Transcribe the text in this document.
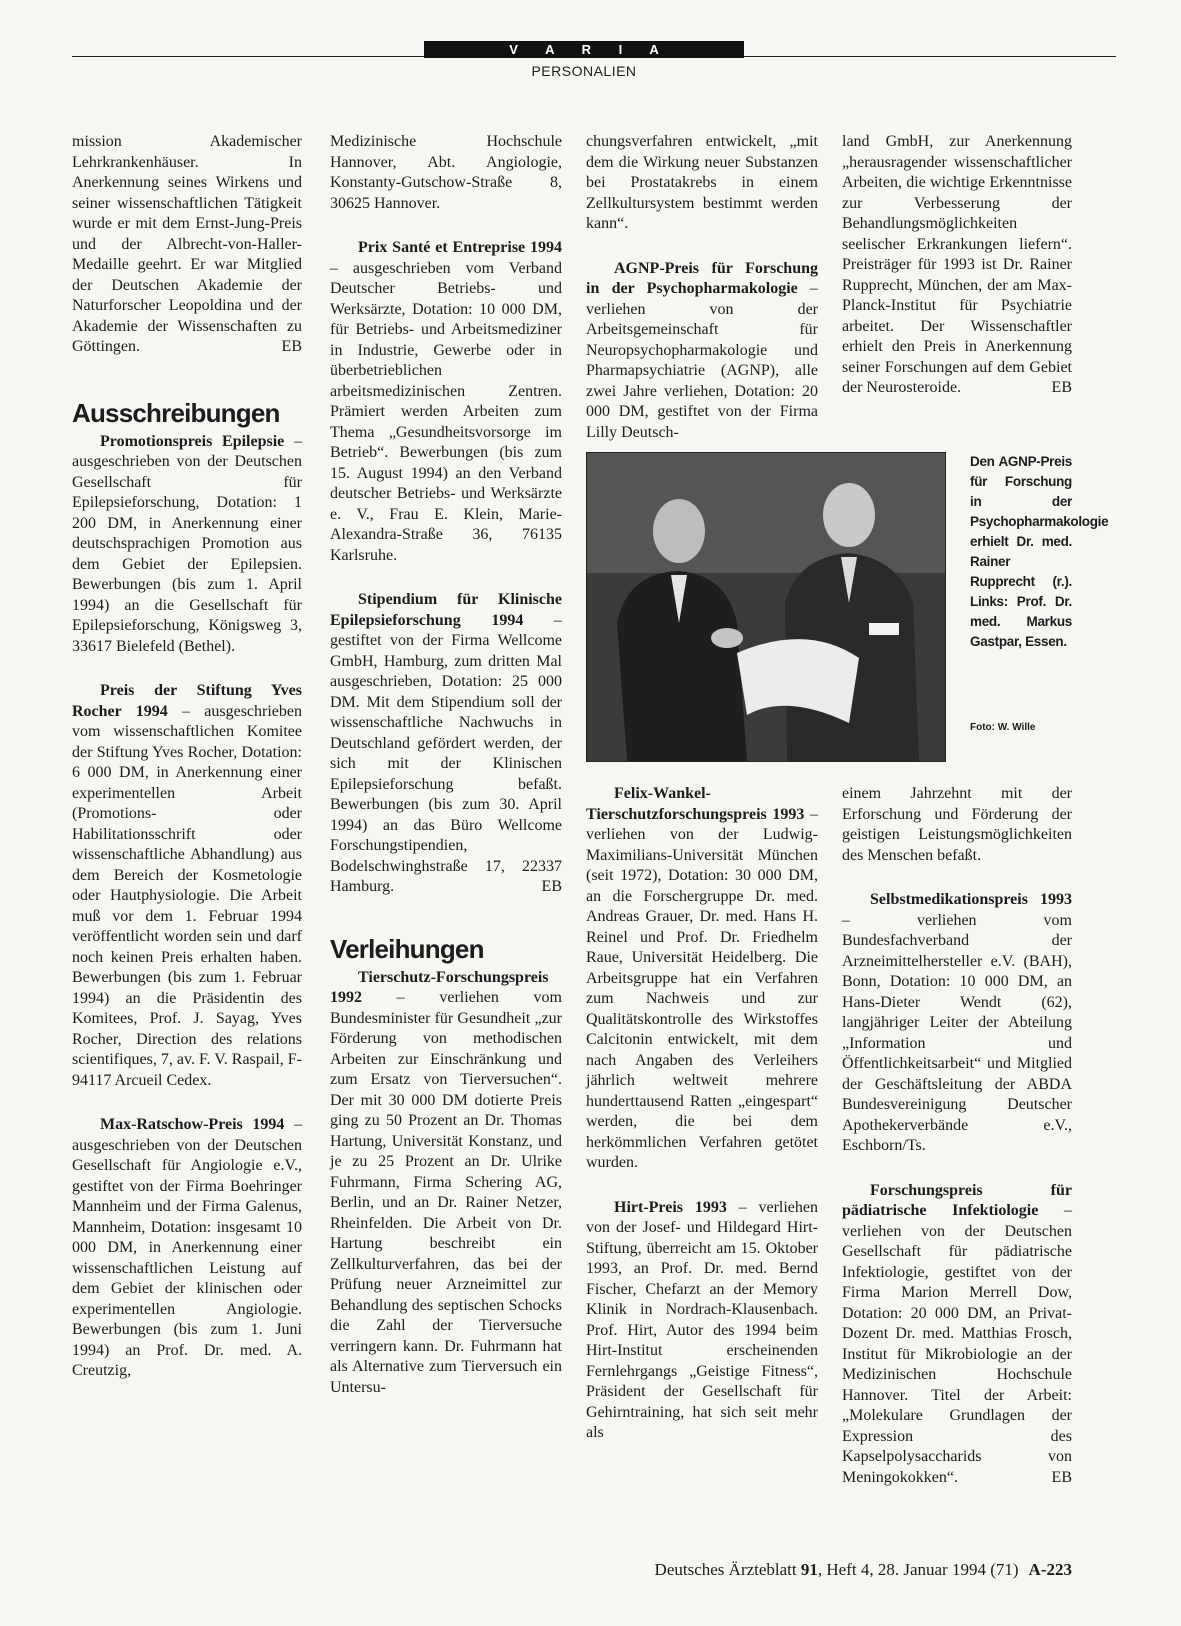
V A R I A
PERSONALIEN

mission Akademischer Lehrkrankenhäuser. In Anerkennung seines Wirkens und seiner wissenschaftlichen Tätigkeit wurde er mit dem Ernst-Jung-Preis und der Albrecht-von-Haller-Medaille geehrt. Er war Mitglied der Deutschen Akademie der Naturforscher Leopoldina und der Akademie der Wissenschaften zu Göttingen.	EB

Ausschreibungen

Promotionspreis Epilepsie – ausgeschrieben von der Deutschen Gesellschaft für Epilepsieforschung, Dotation: 1 200 DM, in Anerkennung einer deutschsprachigen Promotion aus dem Gebiet der Epilepsien. Bewerbungen (bis zum 1. April 1994) an die Gesellschaft für Epilepsieforschung, Königsweg 3, 33617 Bielefeld (Bethel).

Preis der Stiftung Yves Rocher 1994 – ausgeschrieben vom wissenschaftlichen Komitee der Stiftung Yves Rocher, Dotation: 6 000 DM, in Anerkennung einer experimentellen Arbeit (Promotions- oder Habilitationsschrift oder wissenschaftliche Abhandlung) aus dem Bereich der Kosmetologie oder Hautphysiologie. Die Arbeit muß vor dem 1. Februar 1994 veröffentlicht worden sein und darf noch keinen Preis erhalten haben. Bewerbungen (bis zum 1. Februar 1994) an die Präsidentin des Komitees, Prof. J. Sayag, Yves Rocher, Direction des relations scientifiques, 7, av. F. V. Raspail, F-94117 Arcueil Cedex.

Max-Ratschow-Preis 1994 – ausgeschrieben von der Deutschen Gesellschaft für Angiologie e.V., gestiftet von der Firma Boehringer Mannheim und der Firma Galenus, Mannheim, Dotation: insgesamt 10 000 DM, in Anerkennung einer wissenschaftlichen Leistung auf dem Gebiet der klinischen oder experimentellen Angiologie. Bewerbungen (bis zum 1. Juni 1994) an Prof. Dr. med. A. Creutzig,

Medizinische Hochschule Hannover, Abt. Angiologie, Konstanty-Gutschow-Straße 8, 30625 Hannover.

Prix Santé et Entreprise 1994 – ausgeschrieben vom Verband Deutscher Betriebs- und Werksärzte, Dotation: 10 000 DM, für Betriebs- und Arbeitsmediziner in Industrie, Gewerbe oder in überbetrieblichen arbeitsmedizinischen Zentren. Prämiert werden Arbeiten zum Thema „Gesundheitsvorsorge im Betrieb“. Bewerbungen (bis zum 15. August 1994) an den Verband deutscher Betriebs- und Werksärzte e. V., Frau E. Klein, Marie-Alexandra-Straße 36, 76135 Karlsruhe.

Stipendium für Klinische Epilepsieforschung 1994 – gestiftet von der Firma Wellcome GmbH, Hamburg, zum dritten Mal ausgeschrieben, Dotation: 25 000 DM. Mit dem Stipendium soll der wissenschaftliche Nachwuchs in Deutschland gefördert werden, der sich mit der Klinischen Epilepsieforschung befaßt. Bewerbungen (bis zum 30. April 1994) an das Büro Wellcome Forschungstipendien, Bodelschwinghstraße 17, 22337 Hamburg.	EB

Verleihungen

Tierschutz-Forschungspreis 1992 – verliehen vom Bundesminister für Gesundheit „zur Förderung von methodischen Arbeiten zur Einschränkung und zum Ersatz von Tierversuchen“. Der mit 30 000 DM dotierte Preis ging zu 50 Prozent an Dr. Thomas Hartung, Universität Konstanz, und je zu 25 Prozent an Dr. Ulrike Fuhrmann, Firma Schering AG, Berlin, und an Dr. Rainer Netzer, Rheinfelden. Die Arbeit von Dr. Hartung beschreibt ein Zellkulturverfahren, das bei der Prüfung neuer Arzneimittel zur Behandlung des septischen Schocks die Zahl der Tierversuche verringern kann. Dr. Fuhrmann hat als Alternative zum Tierversuch ein Untersu-

chungsverfahren entwickelt, „mit dem die Wirkung neuer Substanzen bei Prostatakrebs in einem Zellkultursystem bestimmt werden kann“.

AGNP-Preis für Forschung in der Psychopharmakologie – verliehen von der Arbeitsgemeinschaft für Neuropsychopharmakologie und Pharmapsychiatrie (AGNP), alle zwei Jahre verliehen, Dotation: 20 000 DM, gestiftet von der Firma Lilly Deutsch-

land GmbH, zur Anerkennung „herausragender wissenschaftlicher Arbeiten, die wichtige Erkenntnisse zur Verbesserung der Behandlungsmöglichkeiten seelischer Erkrankungen liefern“. Preisträger für 1993 ist Dr. Rainer Rupprecht, München, der am Max-Planck-Institut für Psychiatrie arbeitet. Der Wissenschaftler erhielt den Preis in Anerkennung seiner Forschungen auf dem Gebiet der Neurosteroide.	EB

Den AGNP-Preis für Forschung in der Psychopharmakologie erhielt Dr. med. Rainer Rupprecht (r.). Links: Prof. Dr. med. Markus Gastpar, Essen.
Foto: W. Wille

Felix-Wankel-Tierschutzforschungspreis 1993 – verliehen von der Ludwig-Maximilians-Universität München (seit 1972), Dotation: 30 000 DM, an die Forschergruppe Dr. med. Andreas Grauer, Dr. med. Hans H. Reinel und Prof. Dr. Friedhelm Raue, Universität Heidelberg. Die Arbeitsgruppe hat ein Verfahren zum Nachweis und zur Qualitätskontrolle des Wirkstoffes Calcitonin entwickelt, mit dem nach Angaben des Verleihers jährlich weltweit mehrere hunderttausend Ratten „eingespart“ werden, die bei dem herkömmlichen Verfahren getötet wurden.

Hirt-Preis 1993 – verliehen von der Josef- und Hildegard Hirt-Stiftung, überreicht am 15. Oktober 1993, an Prof. Dr. med. Bernd Fischer, Chefarzt an der Memory Klinik in Nordrach-Klausenbach. Prof. Hirt, Autor des 1994 beim Hirt-Institut erscheinenden Fernlehrgangs „Geistige Fitness“, Präsident der Gesellschaft für Gehirntraining, hat sich seit mehr als

einem Jahrzehnt mit der Erforschung und Förderung der geistigen Leistungsmöglichkeiten des Menschen befaßt.

Selbstmedikationspreis 1993 – verliehen vom Bundesfachverband der Arzneimittelhersteller e.V. (BAH), Bonn, Dotation: 10 000 DM, an Hans-Dieter Wendt (62), langjähriger Leiter der Abteilung „Information und Öffentlichkeitsarbeit“ und Mitglied der Geschäftsleitung der ABDA Bundesvereinigung Deutscher Apothekerverbände e.V., Eschborn/Ts.

Forschungspreis für pädiatrische Infektiologie – verliehen von der Deutschen Gesellschaft für pädiatrische Infektiologie, gestiftet von der Firma Marion Merrell Dow, Dotation: 20 000 DM, an Privat-Dozent Dr. med. Matthias Frosch, Institut für Mikrobiologie an der Medizinischen Hochschule Hannover. Titel der Arbeit: „Molekulare Grundlagen der Expression des Kapselpolysaccharids von Meningokokken“.	EB

Deutsches Ärzteblatt 91, Heft 4, 28. Januar 1994 (71) A-223
